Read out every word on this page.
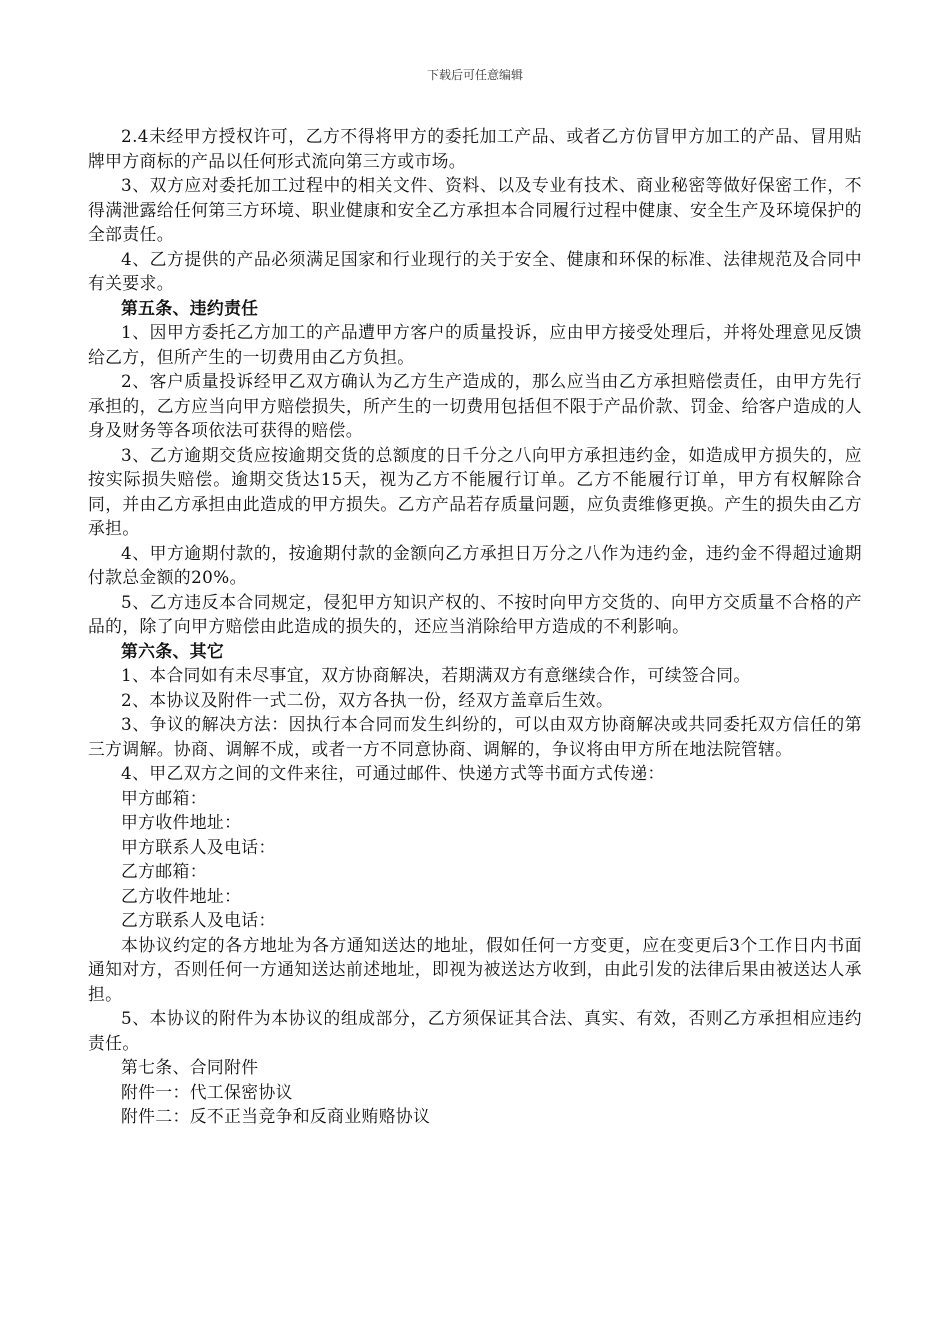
下载后可任意编辑

2.4未经甲方授权许可，乙方不得将甲方的委托加工产品、或者乙方仿冒甲方加工的产品、冒用贴牌甲方商标的产品以任何形式流向第三方或市场。

3、双方应对委托加工过程中的相关文件、资料、以及专业有技术、商业秘密等做好保密工作，不得满泄露给任何第三方环境、职业健康和安全乙方承担本合同履行过程中健康、安全生产及环境保护的全部责任。

4、乙方提供的产品必须满足国家和行业现行的关于安全、健康和环保的标准、法律规范及合同中有关要求。

第五条、违约责任

1、因甲方委托乙方加工的产品遭甲方客户的质量投诉，应由甲方接受处理后，并将处理意见反馈给乙方，但所产生的一切费用由乙方负担。

2、客户质量投诉经甲乙双方确认为乙方生产造成的，那么应当由乙方承担赔偿责任，由甲方先行承担的，乙方应当向甲方赔偿损失，所产生的一切费用包括但不限于产品价款、罚金、给客户造成的人身及财务等各项依法可获得的赔偿。

3、乙方逾期交货应按逾期交货的总额度的日千分之八向甲方承担违约金，如造成甲方损失的，应按实际损失赔偿。逾期交货达15天，视为乙方不能履行订单。乙方不能履行订单，甲方有权解除合同，并由乙方承担由此造成的甲方损失。乙方产品若存质量问题，应负责维修更换。产生的损失由乙方承担。

4、甲方逾期付款的，按逾期付款的金额向乙方承担日万分之八作为违约金，违约金不得超过逾期付款总金额的20%。

5、乙方违反本合同规定，侵犯甲方知识产权的、不按时向甲方交货的、向甲方交质量不合格的产品的，除了向甲方赔偿由此造成的损失的，还应当消除给甲方造成的不利影响。

第六条、其它

1、本合同如有未尽事宜，双方协商解决，若期满双方有意继续合作，可续签合同。

2、本协议及附件一式二份，双方各执一份，经双方盖章后生效。

3、争议的解决方法：因执行本合同而发生纠纷的，可以由双方协商解决或共同委托双方信任的第三方调解。协商、调解不成，或者一方不同意协商、调解的，争议将由甲方所在地法院管辖。

4、甲乙双方之间的文件来往，可通过邮件、快递方式等书面方式传递：

甲方邮箱：

甲方收件地址：

甲方联系人及电话：

乙方邮箱：

乙方收件地址：

乙方联系人及电话：

本协议约定的各方地址为各方通知送达的地址，假如任何一方变更，应在变更后3个工作日内书面通知对方，否则任何一方通知送达前述地址，即视为被送达方收到，由此引发的法律后果由被送达人承担。

5、本协议的附件为本协议的组成部分，乙方须保证其合法、真实、有效，否则乙方承担相应违约责任。

第七条、合同附件

附件一：代工保密协议

附件二：反不正当竞争和反商业贿赂协议
